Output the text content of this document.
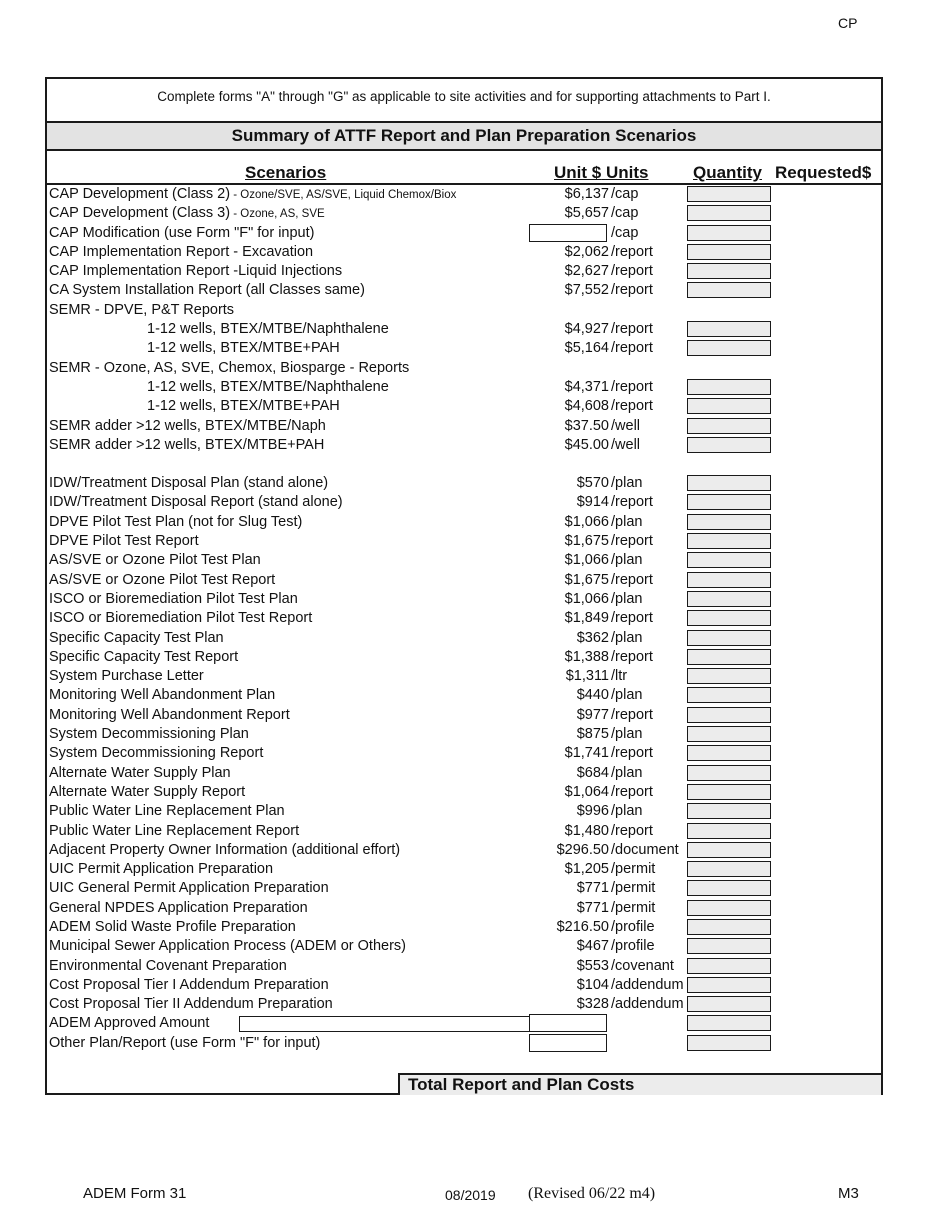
CP
Complete forms "A" through "G" as applicable to site activities and for supporting attachments to Part I.
Summary of ATTF Report and Plan Preparation Scenarios
Scenarios	Unit $ Units	Quantity Requested$
CAP Development (Class 2) - Ozone/SVE, AS/SVE, Liquid Chemox/Biox	$6,137 /cap
CAP Development (Class 3) - Ozone, AS, SVE	$5,657 /cap
CAP Modification (use Form "F" for input)	/cap
CAP Implementation Report - Excavation	$2,062 /report
CAP Implementation Report -Liquid Injections	$2,627 /report
CA System Installation Report (all Classes same)	$7,552 /report
SEMR - DPVE, P&T Reports
1-12 wells, BTEX/MTBE/Naphthalene	$4,927 /report
1-12 wells, BTEX/MTBE+PAH	$5,164 /report
SEMR - Ozone, AS, SVE, Chemox, Biosparge - Reports
1-12 wells, BTEX/MTBE/Naphthalene	$4,371 /report
1-12 wells, BTEX/MTBE+PAH	$4,608 /report
SEMR adder >12 wells, BTEX/MTBE/Naph	$37.50 /well
SEMR adder >12 wells, BTEX/MTBE+PAH	$45.00 /well
IDW/Treatment Disposal Plan (stand alone)	$570 /plan
IDW/Treatment Disposal Report (stand alone)	$914 /report
DPVE Pilot Test Plan (not for Slug Test)	$1,066 /plan
DPVE Pilot Test Report	$1,675 /report
AS/SVE or Ozone Pilot Test Plan	$1,066 /plan
AS/SVE or Ozone Pilot Test Report	$1,675 /report
ISCO or Bioremediation Pilot Test Plan	$1,066 /plan
ISCO or Bioremediation Pilot Test Report	$1,849 /report
Specific Capacity Test Plan	$362 /plan
Specific Capacity Test Report	$1,388 /report
System Purchase Letter	$1,311 /ltr
Monitoring Well Abandonment Plan	$440 /plan
Monitoring Well Abandonment Report	$977 /report
System Decommissioning Plan	$875 /plan
System Decommissioning Report	$1,741 /report
Alternate Water Supply Plan	$684 /plan
Alternate Water Supply Report	$1,064 /report
Public Water Line Replacement Plan	$996 /plan
Public Water Line Replacement Report	$1,480 /report
Adjacent Property Owner Information (additional effort)	$296.50 /document
UIC Permit Application Preparation	$1,205 /permit
UIC General Permit Application Preparation	$771 /permit
General NPDES Application Preparation	$771 /permit
ADEM Solid Waste Profile Preparation	$216.50 /profile
Municipal Sewer Application Process (ADEM or Others)	$467 /profile
Environmental Covenant Preparation	$553 /covenant
Cost Proposal Tier I Addendum Preparation	$104 /addendum
Cost Proposal Tier II Addendum Preparation	$328 /addendum
ADEM Approved Amount
Other Plan/Report (use Form "F" for input)
Total Report and Plan Costs
ADEM Form 31	08/2019 (Revised 06/22 m4)	M3
